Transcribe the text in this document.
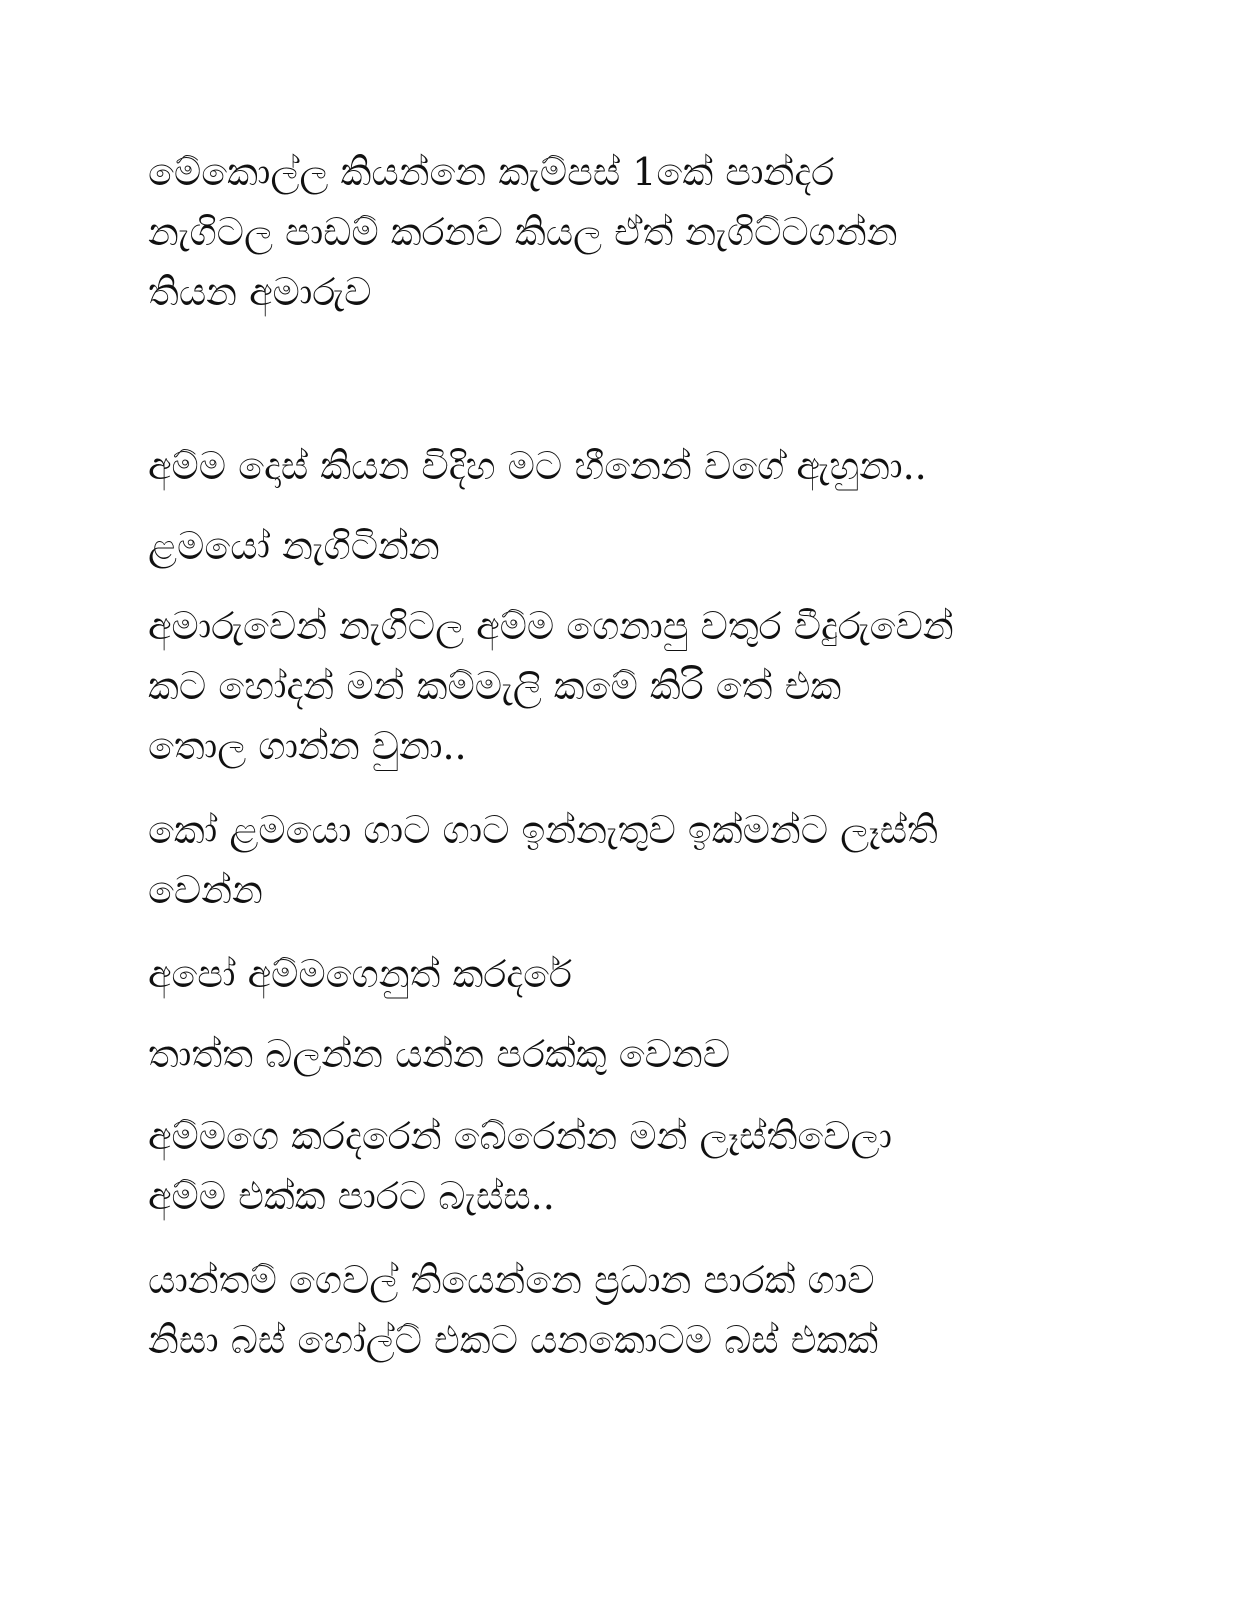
මේකොල්ල කියන්නෙ කැම්පස් 1කේ පාන්දර
නැගිටල පාඩම් කරනව කියල ඒත් නැගිට්ටගන්න
තියන අමාරුව
අම්ම දොස් කියන විදිහ මට හීනෙන් වගේ ඇහුනා..
ළමයෝ නැගිටින්න
අමාරුවෙන් නැගිටල අම්ම ගෙනාපු වතුර වීදුරුවෙන්
කට හෝදන් මන් කම්මැලි කමේ කිරි තේ එක
තොල ගාන්න වුනා..
කෝ ළමයො ගාට ගාට ඉන්නැතුව ඉක්මන්ට ලෑස්ති
වෙන්න
අපෝ අම්මගෙනුත් කරදරේ
තාත්ත බලන්න යන්න පරක්කු වෙනව
අම්මගෙ කරදරෙන් බේරෙන්න මන් ලෑස්තිවෙලා
අම්ම එක්ක පාරට බැස්ස..
යාන්තම් ගෙවල් තියෙන්නෙ ප්‍රධාන පාරක් ගාව
නිසා බස් හෝල්ට් එකට යනකොටම බස් එකක්
